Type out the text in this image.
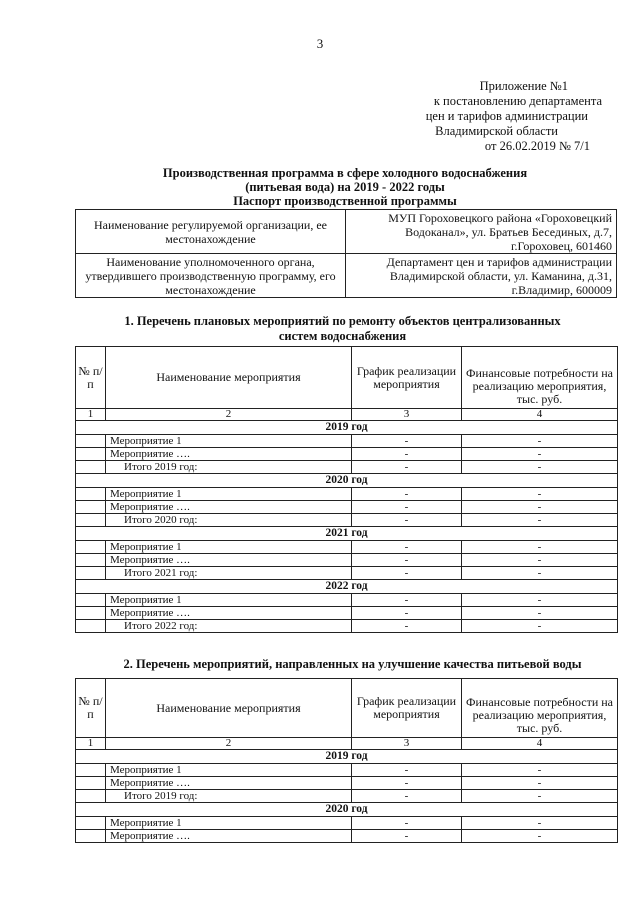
3
Приложение №1
к постановлению департамента
цен и тарифов администрации
Владимирской области
от 26.02.2019 № 7/1
Производственная программа в сфере холодного водоснабжения
(питьевая вода) на 2019 - 2022 годы
Паспорт производственной программы
Наименование регулируемой организации, ее местонахождение	МУП Гороховецкого района «Гороховецкий Водоканал», ул. Братьев Бесединых, д.7, г.Гороховец, 601460
Наименование уполномоченного органа, утвердившего производственную программу, его местонахождение	Департамент цен и тарифов администрации Владимирской области, ул. Каманина, д.31, г.Владимир, 600009
1. Перечень плановых мероприятий по ремонту объектов централизованных
систем водоснабжения
№ п/п	Наименование мероприятия	График реализации мероприятия	Финансовые потребности на реализацию мероприятия, тыс. руб.
1	2	3	4
2019 год			
	Мероприятие 1	-	-
	Мероприятие ….	-	-
	Итого 2019 год:	-	-
2020 год			
	Мероприятие 1	-	-
	Мероприятие ….	-	-
	Итого 2020 год:	-	-
2021 год			
	Мероприятие 1	-	-
	Мероприятие ….	-	-
	Итого 2021 год:	-	-
2022 год			
	Мероприятие 1	-	-
	Мероприятие ….	-	-
	Итого 2022 год:	-	-
2. Перечень мероприятий, направленных на улучшение качества питьевой воды
№ п/п	Наименование мероприятия	График реализации мероприятия	Финансовые потребности на реализацию мероприятия, тыс. руб.
1	2	3	4
2019 год			
	Мероприятие 1	-	-
	Мероприятие ….	-	-
	Итого 2019 год:	-	-
2020 год			
	Мероприятие 1	-	-
	Мероприятие ….	-	-
